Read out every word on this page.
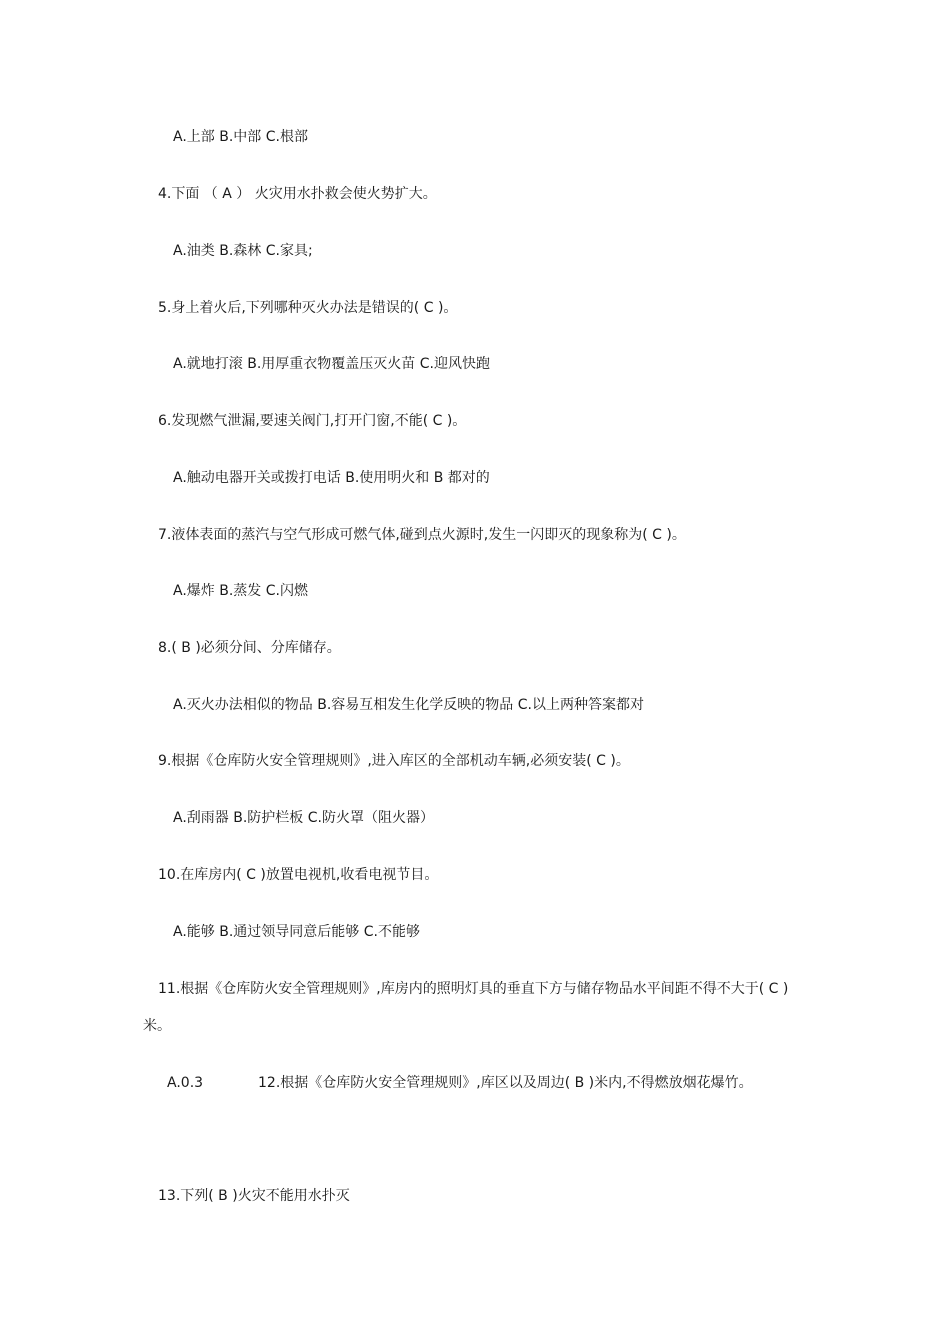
A.上部 B.中部 C.根部
4.下面 （ A ） 火灾用水扑救会使火势扩大。
A.油类 B.森林 C.家具;
5.身上着火后,下列哪种灭火办法是错误的( C )。
A.就地打滚 B.用厚重衣物覆盖压灭火苗 C.迎风快跑
6.发现燃气泄漏,要速关阀门,打开门窗,不能( C )。
A.触动电器开关或拨打电话 B.使用明火和 B 都对的
7.液体表面的蒸汽与空气形成可燃气体,碰到点火源时,发生一闪即灭的现象称为( C )。
A.爆炸 B.蒸发 C.闪燃
8.( B )必须分间、分库储存。
A.灭火办法相似的物品 B.容易互相发生化学反映的物品 C.以上两种答案都对
9.根据《仓库防火安全管理规则》,进入库区的全部机动车辆,必须安装( C )。
A.刮雨器 B.防护栏板 C.防火罩（阻火器）
10.在库房内( C )放置电视机,收看电视节目。
A.能够 B.通过领导同意后能够 C.不能够
11.根据《仓库防火安全管理规则》,库房内的照明灯具的垂直下方与储存物品水平间距不得不大于( C )
米。
A.0.3	12.根据《仓库防火安全管理规则》,库区以及周边( B )米内,不得燃放烟花爆竹。
13.下列( B )火灾不能用水扑灭
